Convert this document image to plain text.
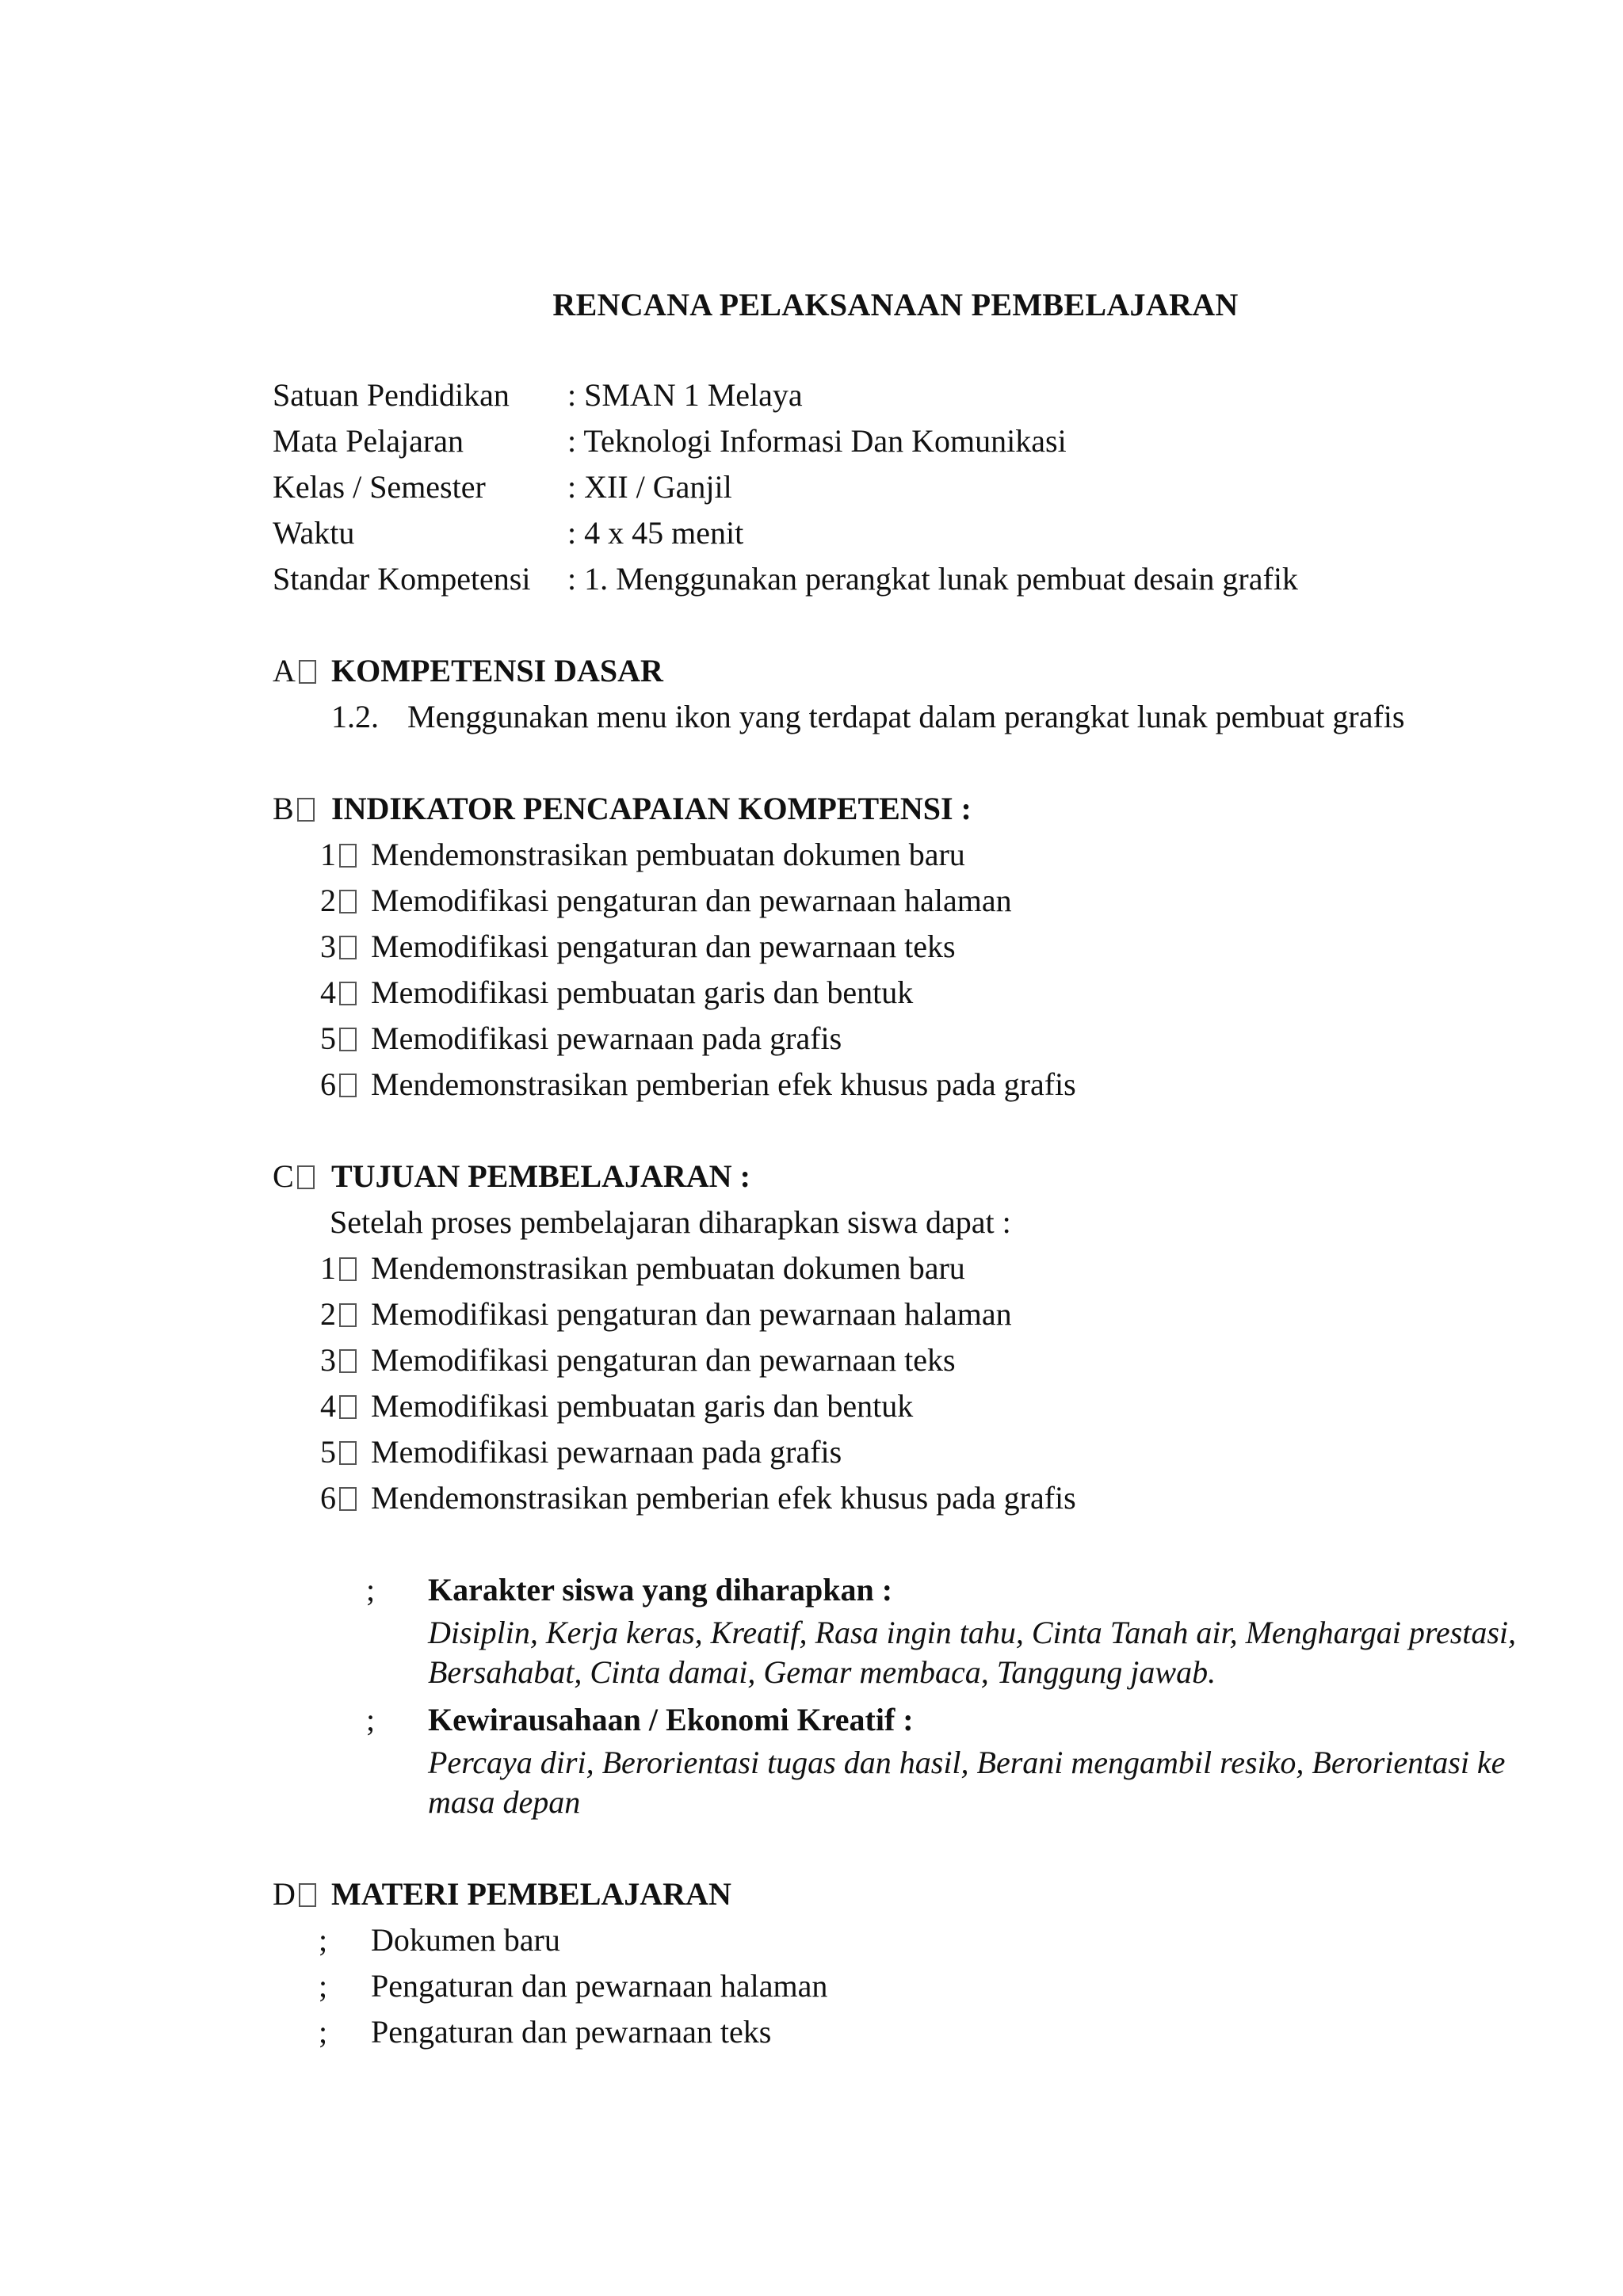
RENCANA PELAKSANAAN PEMBELAJARAN
Satuan Pendidikan	: SMAN 1 Melaya
Mata Pelajaran	: Teknologi Informasi Dan Komunikasi
Kelas / Semester	: XII / Ganjil
Waktu	: 4 x 45 menit
Standar Kompetensi	: 1. Menggunakan perangkat lunak pembuat desain grafik
A	KOMPETENSI DASAR
1.2. Menggunakan menu ikon yang terdapat dalam perangkat lunak pembuat grafis
B	INDIKATOR PENCAPAIAN KOMPETENSI :
1	Mendemonstrasikan pembuatan dokumen baru
2	Memodifikasi pengaturan dan pewarnaan halaman
3	Memodifikasi pengaturan dan pewarnaan teks
4	Memodifikasi pembuatan garis dan bentuk
5	Memodifikasi pewarnaan pada grafis
6	Mendemonstrasikan pemberian efek khusus pada grafis
C	TUJUAN PEMBELAJARAN :
Setelah proses pembelajaran diharapkan siswa dapat :
1	Mendemonstrasikan pembuatan dokumen baru
2	Memodifikasi pengaturan dan pewarnaan halaman
3	Memodifikasi pengaturan dan pewarnaan teks
4	Memodifikasi pembuatan garis dan bentuk
5	Memodifikasi pewarnaan pada grafis
6	Mendemonstrasikan pemberian efek khusus pada grafis
;	Karakter siswa yang diharapkan :
Disiplin, Kerja keras, Kreatif, Rasa ingin tahu, Cinta Tanah air, Menghargai prestasi, Bersahabat, Cinta damai, Gemar membaca, Tanggung jawab.
;	Kewirausahaan / Ekonomi Kreatif :
Percaya diri, Berorientasi tugas dan hasil, Berani mengambil resiko, Berorientasi ke masa depan
D	MATERI PEMBELAJARAN
;	Dokumen baru
;	Pengaturan dan pewarnaan halaman
;	Pengaturan dan pewarnaan teks
